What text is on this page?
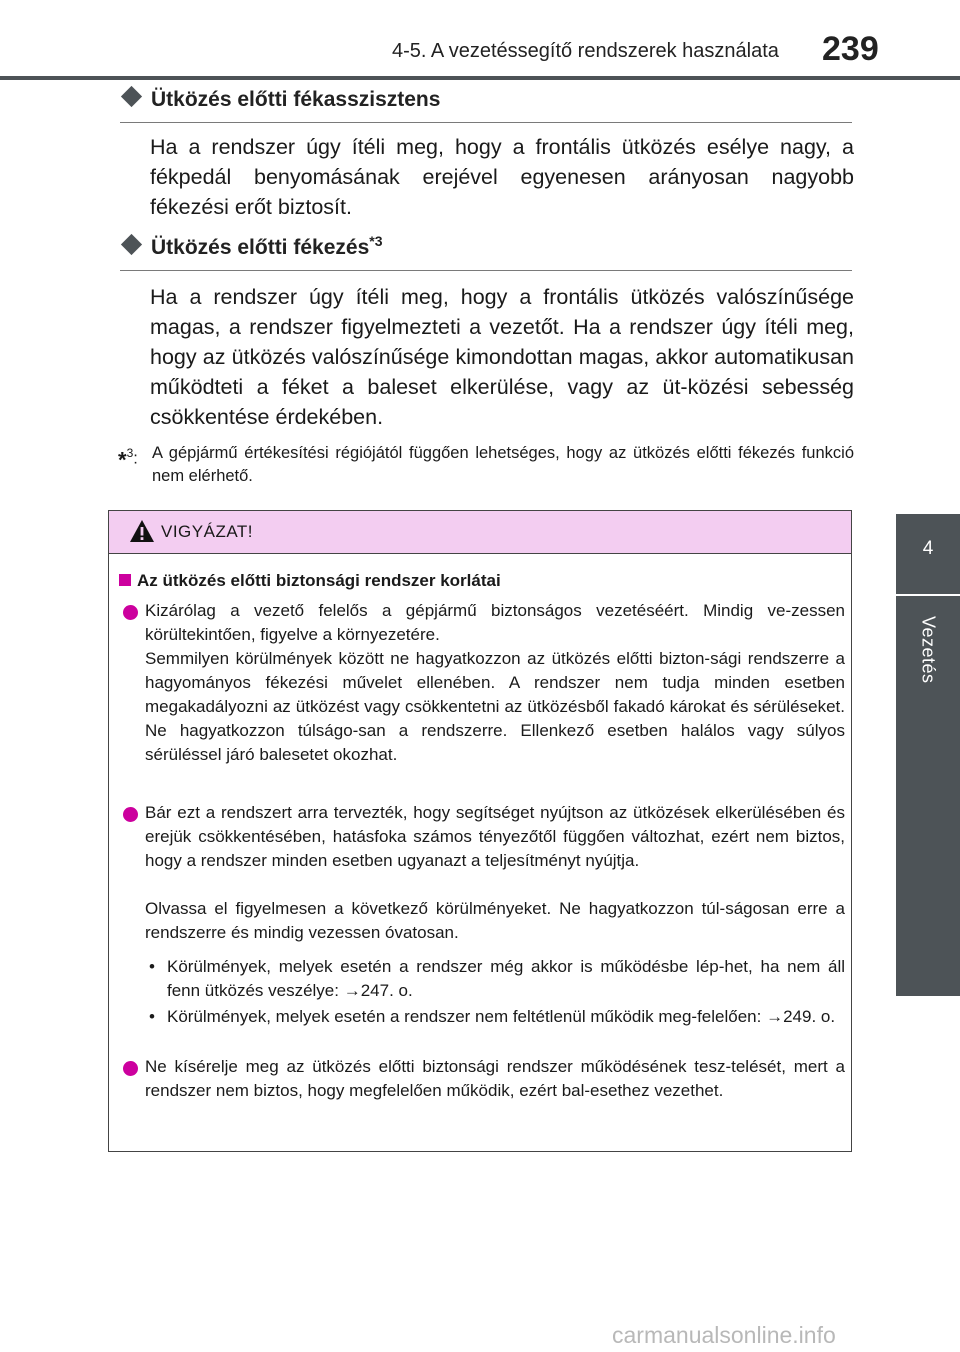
4-5. A vezetéssegítő rendszerek használata 239
4
Vezetés
Ütközés előtti fékasszisztens
Ha a rendszer úgy ítéli meg, hogy a frontális ütközés esélye nagy, a fékpedál benyomásának erejével egyenesen arányosan nagyobb fékezési erőt biztosít.
Ütközés előtti fékezés$^{*3}$
Ha a rendszer úgy ítéli meg, hogy a frontális ütközés valószínűsége magas, a rendszer figyelmezteti a vezetőt. Ha a rendszer úgy ítéli meg, hogy az ütközés valószínűsége kimondottan magas, akkor automatikusan működteti a féket a baleset elkerülése, vagy az üt-közési sebesség csökkentése érdekében.
*$^3$: A gépjármű értékesítési régiójától függően lehetséges, hogy az ütközés előtti fékezés funkció nem elérhető.
VIGYÁZAT!
Az ütközés előtti biztonsági rendszer korlátai
Kizárólag a vezető felelős a gépjármű biztonságos vezetéséért. Mindig ve-zessen körültekintően, figyelve a környezetére.
Semmilyen körülmények között ne hagyatkozzon az ütközés előtti bizton-sági rendszerre a hagyományos fékezési művelet ellenében. A rendszer nem tudja minden esetben megakadályozni az ütközést vagy csökkentetni az ütközésből fakadó károkat és sérüléseket. Ne hagyatkozzon túlságo-san a rendszerre. Ellenkező esetben halálos vagy súlyos sérüléssel járó balesetet okozhat.
Bár ezt a rendszert arra tervezték, hogy segítséget nyújtson az ütközések elkerülésében és erejük csökkentésében, hatásfoka számos tényezőtől függően változhat, ezért nem biztos, hogy a rendszer minden esetben ugyanazt a teljesítményt nyújtja.
Olvassa el figyelmesen a következő körülményeket. Ne hagyatkozzon túl-ságosan erre a rendszerre és mindig vezessen óvatosan.
• Körülmények, melyek esetén a rendszer még akkor is működésbe lép-het, ha nem áll fenn ütközés veszélye: →247. o.
• Körülmények, melyek esetén a rendszer nem feltétlenül működik meg-felelően: →249. o.
Ne kísérelje meg az ütközés előtti biztonsági rendszer működésének tesz-telését, mert a rendszer nem biztos, hogy megfelelően működik, ezért bal-esethez vezethet.
carmanualsonline.info
